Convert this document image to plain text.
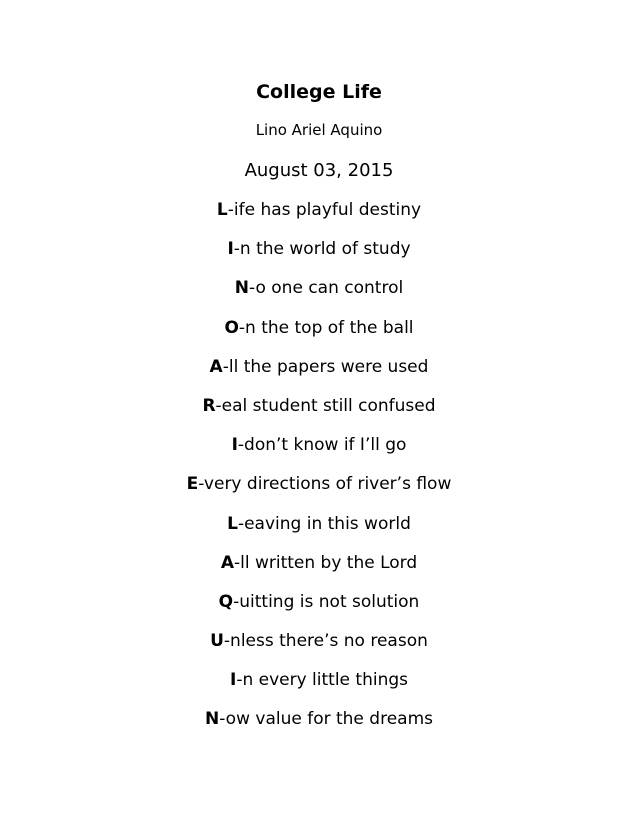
College Life
Lino Ariel Aquino
August 03, 2015
L-ife has playful destiny
I-n the world of study
N-o one can control
O-n the top of the ball
A-ll the papers were used
R-eal student still confused
I-don’t know if I’ll go
E-very directions of river’s flow
L-eaving in this world
A-ll written by the Lord
Q-uitting is not solution
U-nless there’s no reason
I-n every little things
N-ow value for the dreams
